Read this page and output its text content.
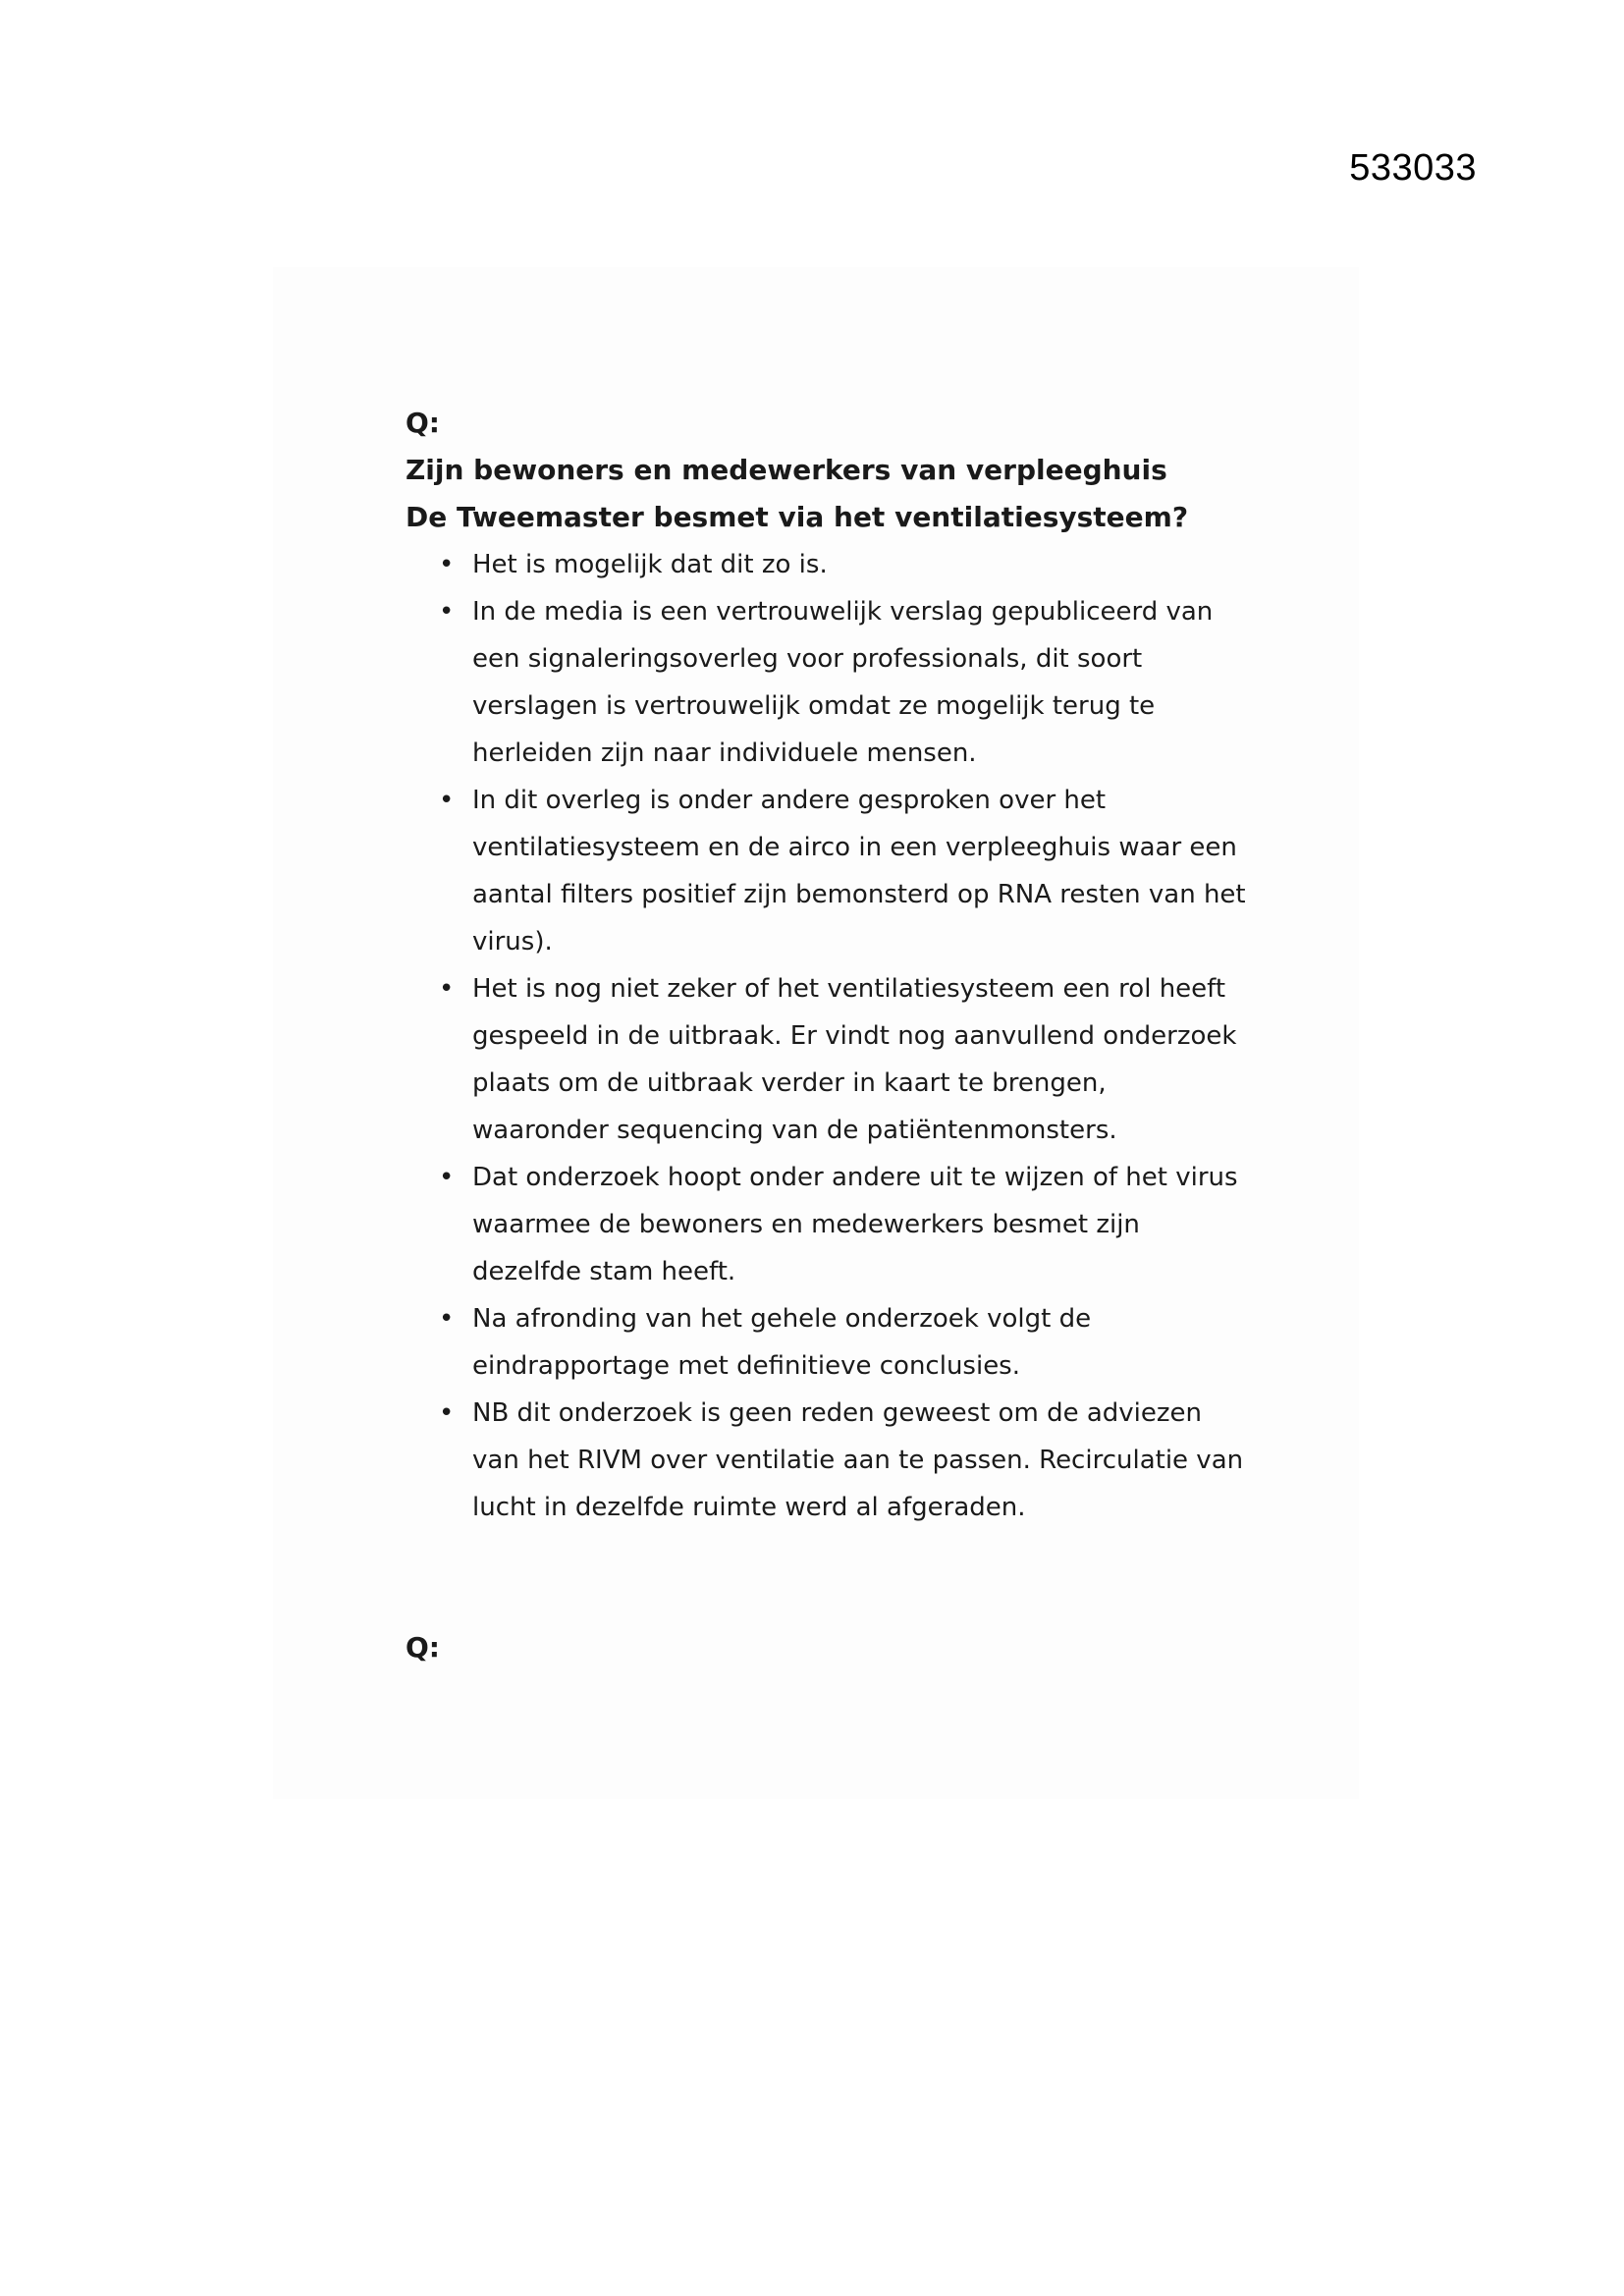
533033

Q:

Zijn bewoners en medewerkers van verpleeghuis De Tweemaster besmet via het ventilatiesysteem?

• Het is mogelijk dat dit zo is.
• In de media is een vertrouwelijk verslag gepubliceerd van een signaleringsoverleg voor professionals, dit soort verslagen is vertrouwelijk omdat ze mogelijk terug te herleiden zijn naar individuele mensen.
• In dit overleg is onder andere gesproken over het ventilatiesysteem en de airco in een verpleeghuis waar een aantal filters positief zijn bemonsterd op RNA resten van het virus).
• Het is nog niet zeker of het ventilatiesysteem een rol heeft gespeeld in de uitbraak. Er vindt nog aanvullend onderzoek plaats om de uitbraak verder in kaart te brengen, waaronder sequencing van de patiëntenmonsters.
• Dat onderzoek hoopt onder andere uit te wijzen of het virus waarmee de bewoners en medewerkers besmet zijn dezelfde stam heeft.
• Na afronding van het gehele onderzoek volgt de eindrapportage met definitieve conclusies.
• NB dit onderzoek is geen reden geweest om de adviezen van het RIVM over ventilatie aan te passen. Recirculatie van lucht in dezelfde ruimte werd al afgeraden.

Q:
